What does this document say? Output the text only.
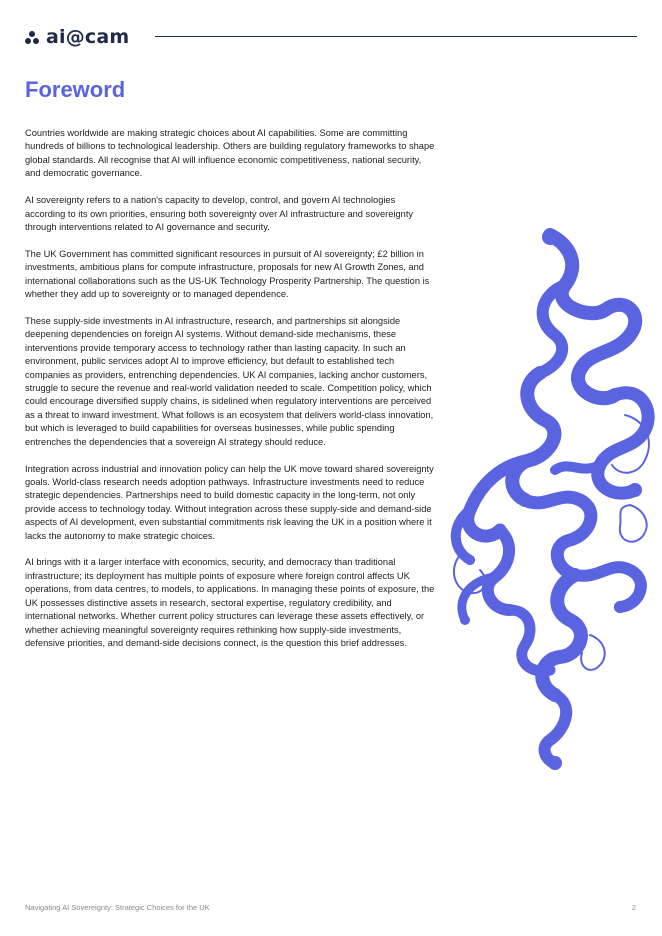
ai@cam
Foreword

Countries worldwide are making strategic choices about AI capabilities. Some are committing hundreds of billions to technological leadership. Others are building regulatory frameworks to shape global standards. All recognise that AI will influence economic competitiveness, national security, and democratic governance.

AI sovereignty refers to a nation's capacity to develop, control, and govern AI technologies according to its own priorities, ensuring both sovereignty over AI infrastructure and sovereignty through interventions related to AI governance and security.

The UK Government has committed significant resources in pursuit of AI sovereignty; £2 billion in investments, ambitious plans for compute infrastructure, proposals for new AI Growth Zones, and international collaborations such as the US-UK Technology Prosperity Partnership. The question is whether they add up to sovereignty or to managed dependence.

These supply-side investments in AI infrastructure, research, and partnerships sit alongside deepening dependencies on foreign AI systems. Without demand-side mechanisms, these interventions provide temporary access to technology rather than lasting capacity. In such an environment, public services adopt AI to improve efficiency, but default to established tech companies as providers, entrenching dependencies. UK AI companies, lacking anchor customers, struggle to secure the revenue and real-world validation needed to scale. Competition policy, which could encourage diversified supply chains, is sidelined when regulatory interventions are perceived as a threat to inward investment. What follows is an ecosystem that delivers world-class innovation, but which is leveraged to build capabilities for overseas businesses, while public spending entrenches the dependencies that a sovereign AI strategy should reduce.

Integration across industrial and innovation policy can help the UK move toward shared sovereignty goals. World-class research needs adoption pathways. Infrastructure investments need to reduce strategic dependencies. Partnerships need to build domestic capacity in the long-term, not only provide access to technology today. Without integration across these supply-side and demand-side aspects of AI development, even substantial commitments risk leaving the UK in a position where it lacks the autonomy to make strategic choices.

AI brings with it a larger interface with economics, security, and democracy than traditional infrastructure; its deployment has multiple points of exposure where foreign control affects UK operations, from data centres, to models, to applications. In managing these points of exposure, the UK possesses distinctive assets in research, sectoral expertise, regulatory credibility, and international networks. Whether current policy structures can leverage these assets effectively, or whether achieving meaningful sovereignty requires rethinking how supply-side investments, defensive priorities, and demand-side decisions connect, is the question this brief addresses.

Navigating AI Sovereignty: Strategic Choices for the UK	2
